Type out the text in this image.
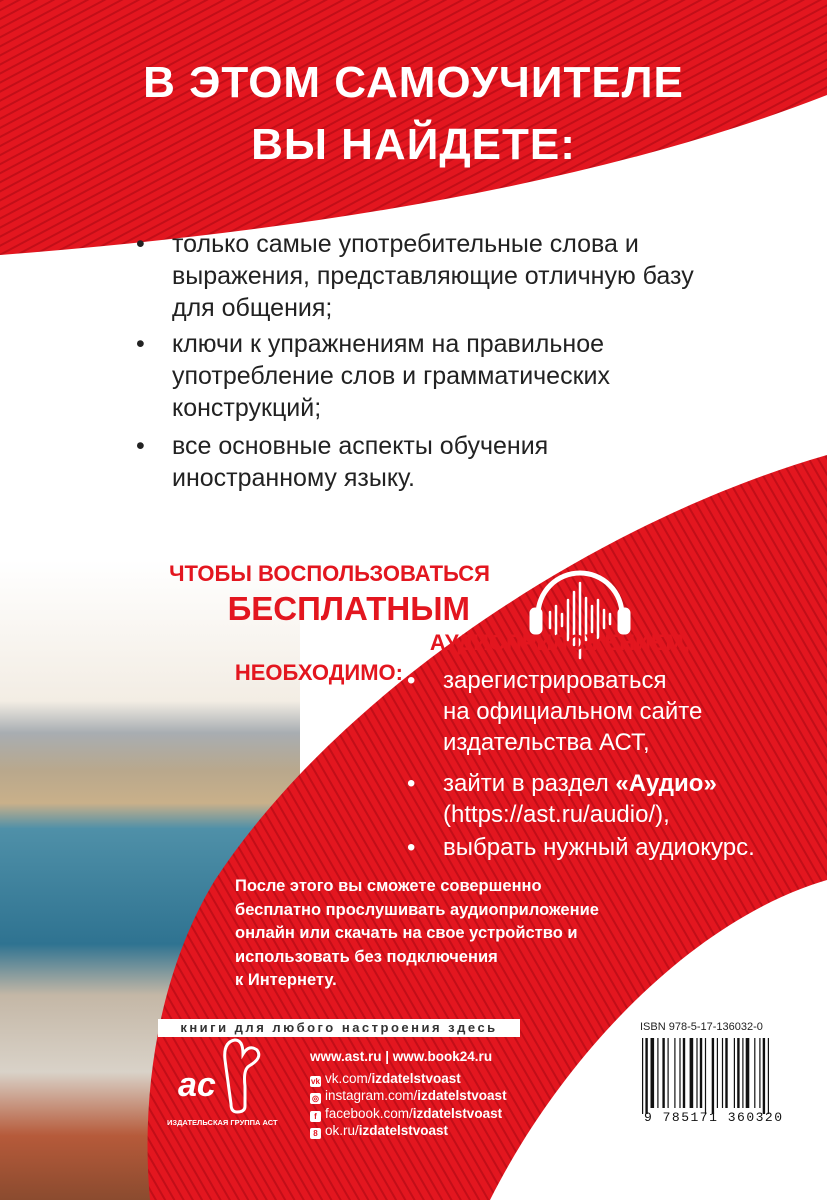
ас
В ЭТОМ САМОУЧИТЕЛЕ
ВЫ НАЙДЕТЕ:
• только самые употребительные слова и
выражения, представляющие отличную базу
для общения;
• ключи к упражнениям на правильное
употребление слов и грамматических
конструкций;
• все основные аспекты обучения
иностранному языку.
ЧТОБЫ ВОСПОЛЬЗОВАТЬСЯ
БЕСПЛАТНЫМ
АУДИОПРИЛОЖЕНИЕМ,
НЕОБХОДИМО: • зарегистрироваться
на официальном сайте
издательства АСТ,
• зайти в раздел «Аудио»
(https://ast.ru/audio/),
• выбрать нужный аудиокурс.
После этого вы сможете совершенно
бесплатно прослушивать аудиоприложение
онлайн или скачать на свое устройство и
использовать без подключения
к Интернету.
книги для любого настроения здесь
ИЗДАТЕЛЬСКАЯ ГРУППА АСТ
www.ast.ru | www.book24.ru
vk vk.com/izdatelstvoast
◎ instagram.com/izdatelstvoast
f facebook.com/izdatelstvoast
8 ok.ru/izdatelstvoast
ISBN 978-5-17-136032-0
9 785171 360320
